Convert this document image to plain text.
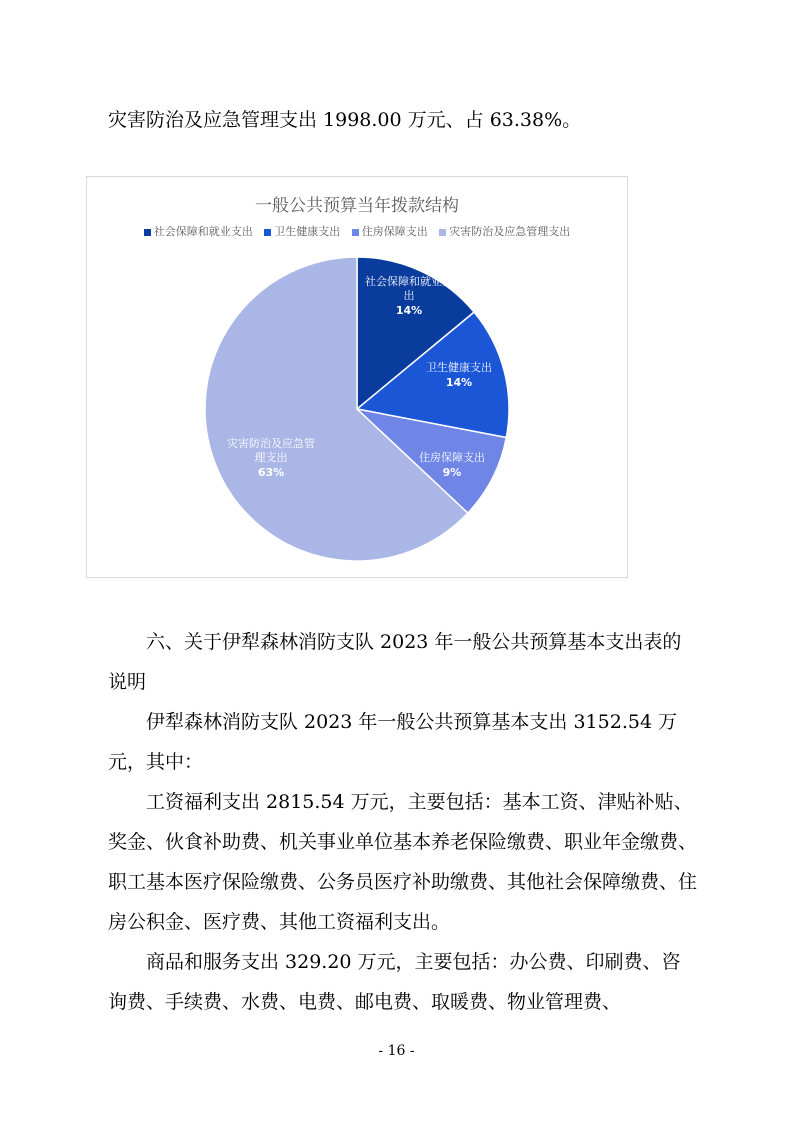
灾害防治及应急管理支出 1998.00 万元、占 63.38%。

一般公共预算当年拨款结构

社会保障和就业支出 卫生健康支出 住房保障支出 灾害防治及应急管理支出
社会保障和就业支出 14%
卫生健康支出 14%
住房保障支出 9%
灾害防治及应急管理支出 63%

六、关于伊犁森林消防支队 2023 年一般公共预算基本支出表的说明

伊犁森林消防支队 2023 年一般公共预算基本支出 3152.54 万元，其中：

工资福利支出 2815.54 万元，主要包括：基本工资、津贴补贴、奖金、伙食补助费、机关事业单位基本养老保险缴费、职业年金缴费、职工基本医疗保险缴费、公务员医疗补助缴费、其他社会保障缴费、住房公积金、医疗费、其他工资福利支出。

商品和服务支出 329.20 万元，主要包括：办公费、印刷费、咨询费、手续费、水费、电费、邮电费、取暖费、物业管理费、

- 16 -
